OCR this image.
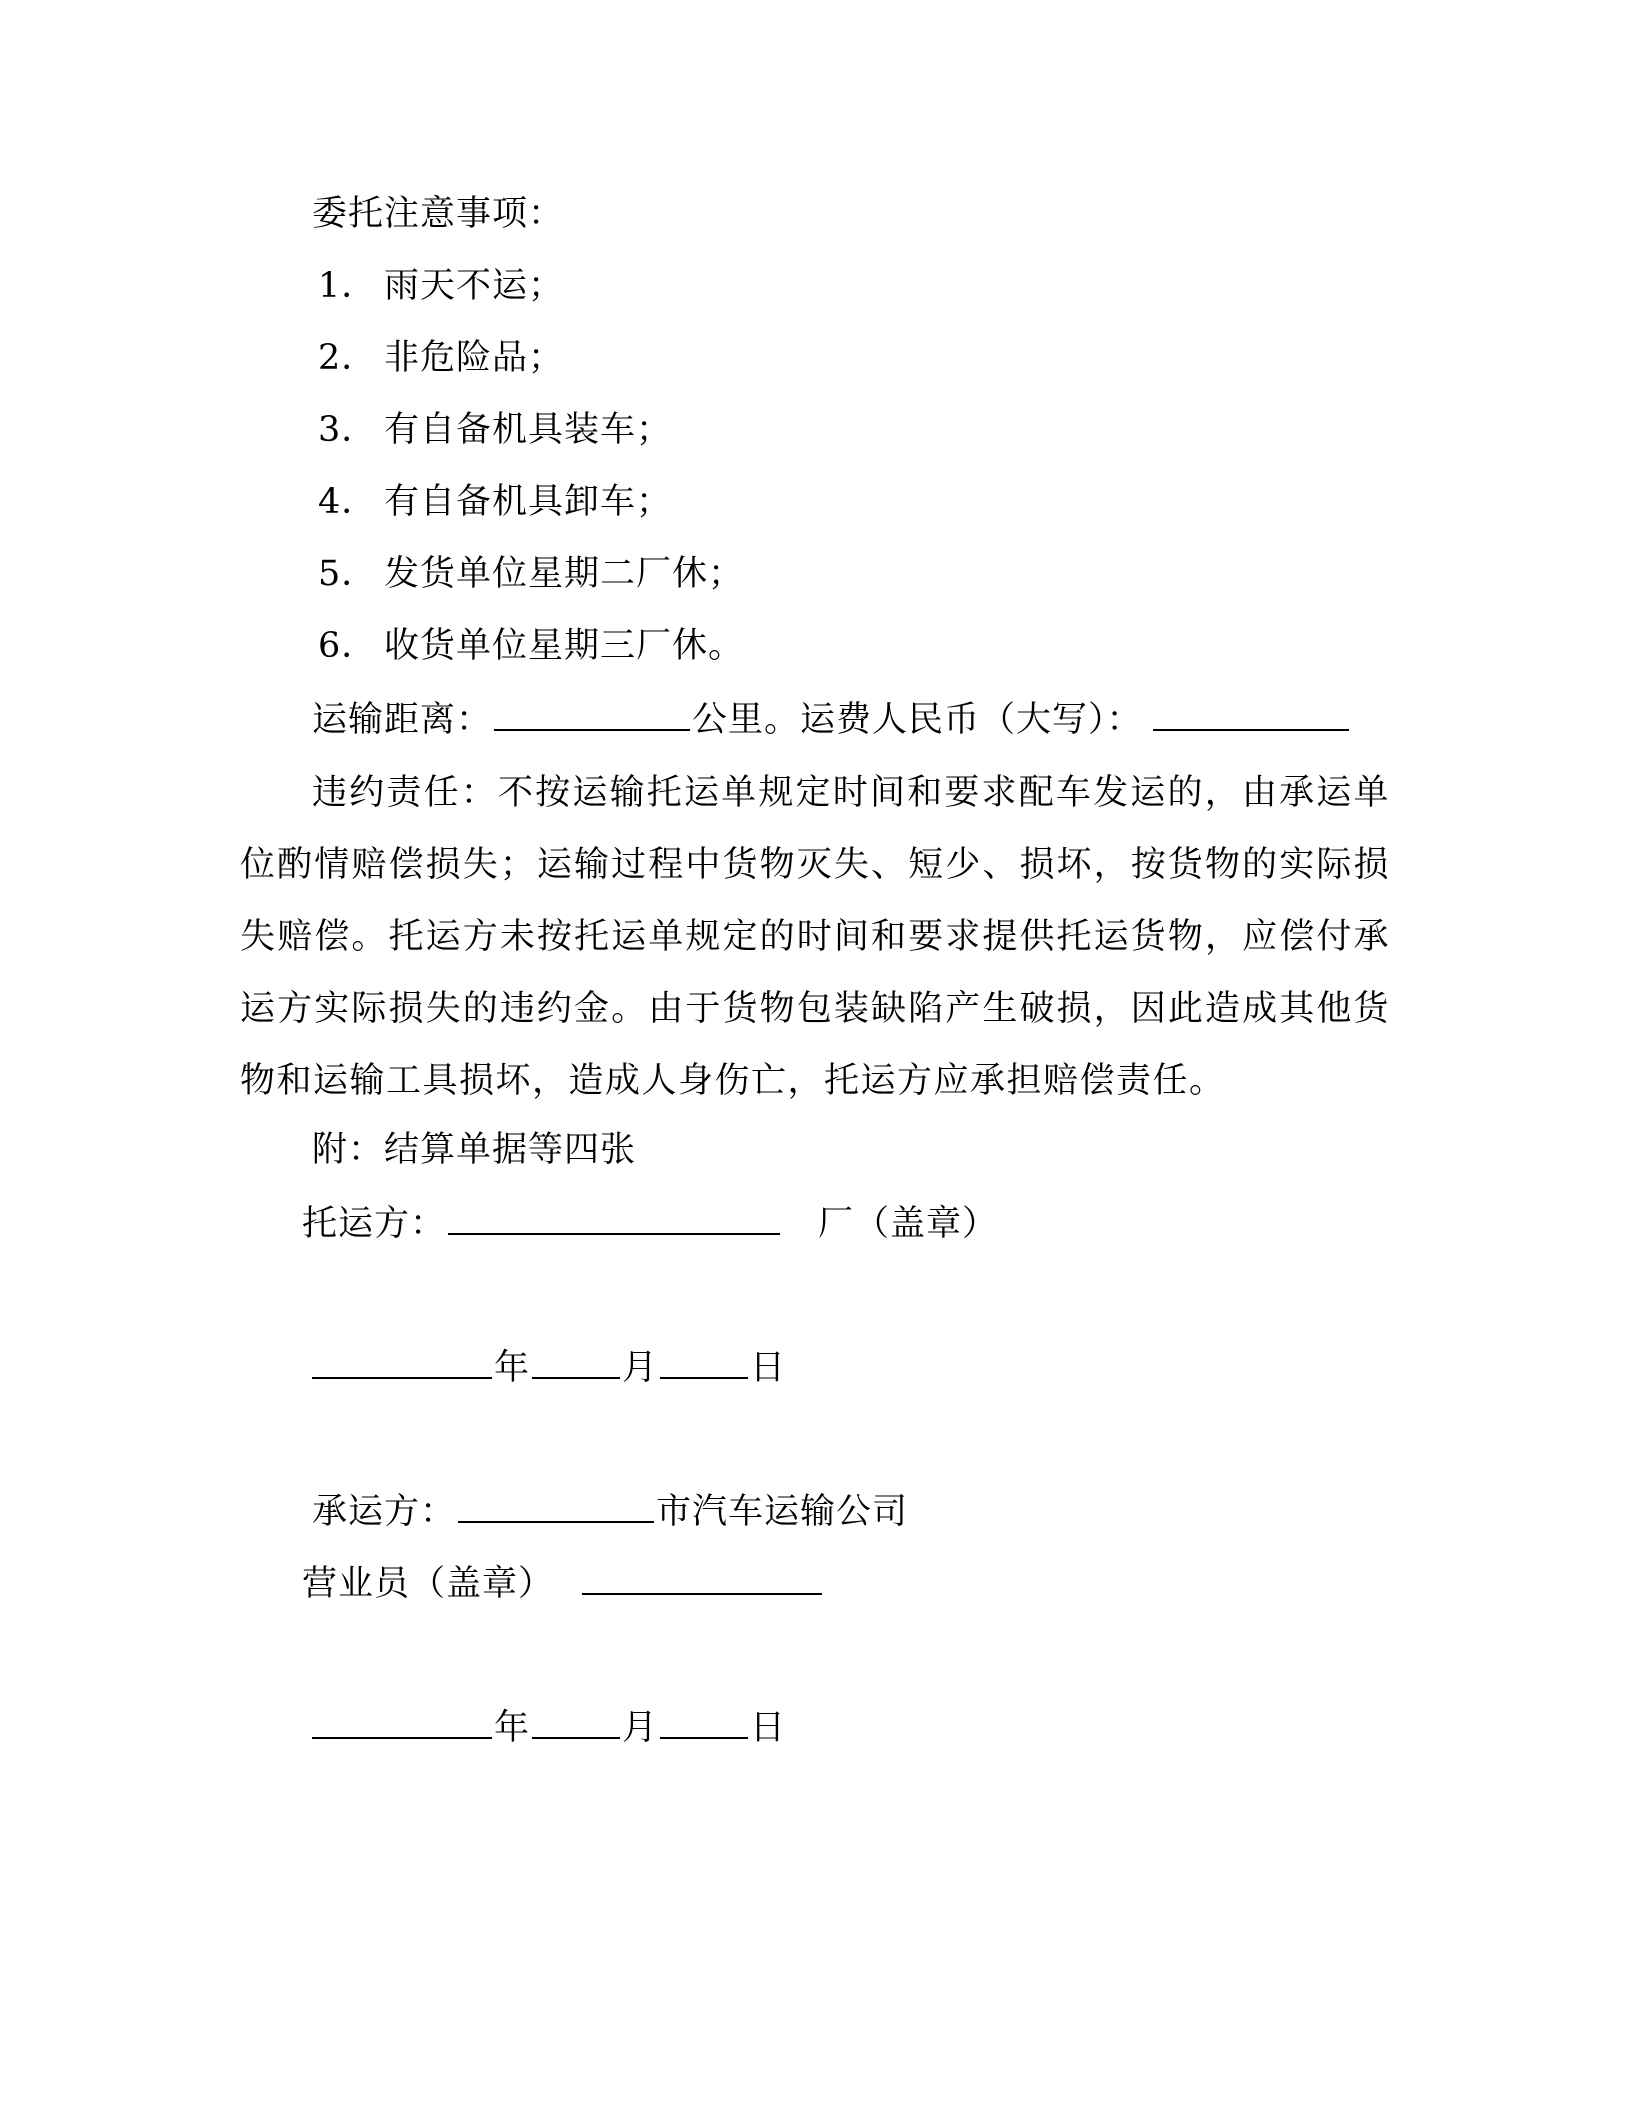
委托注意事项：
1． 雨天不运；
2． 非危险品；
3． 有自备机具装车；
4． 有自备机具卸车；
5． 发货单位星期二厂休；
6． 收货单位星期三厂休。
运输距离：	公里。运费人民币（大写）：
违约责任：不按运输托运单规定时间和要求配车发运的，由承运单位酌情赔偿损失；运输过程中货物灭失、短少、损坏，按货物的实际损失赔偿。托运方未按托运单规定的时间和要求提供托运货物，应偿付承运方实际损失的违约金。由于货物包装缺陷产生破损，因此造成其他货物和运输工具损坏，造成人身伤亡，托运方应承担赔偿责任。
附：结算单据等四张
托运方：	厂（盖章）
年	月	日
承运方：	市汽车运输公司
营业员（盖章）
年	月	日
